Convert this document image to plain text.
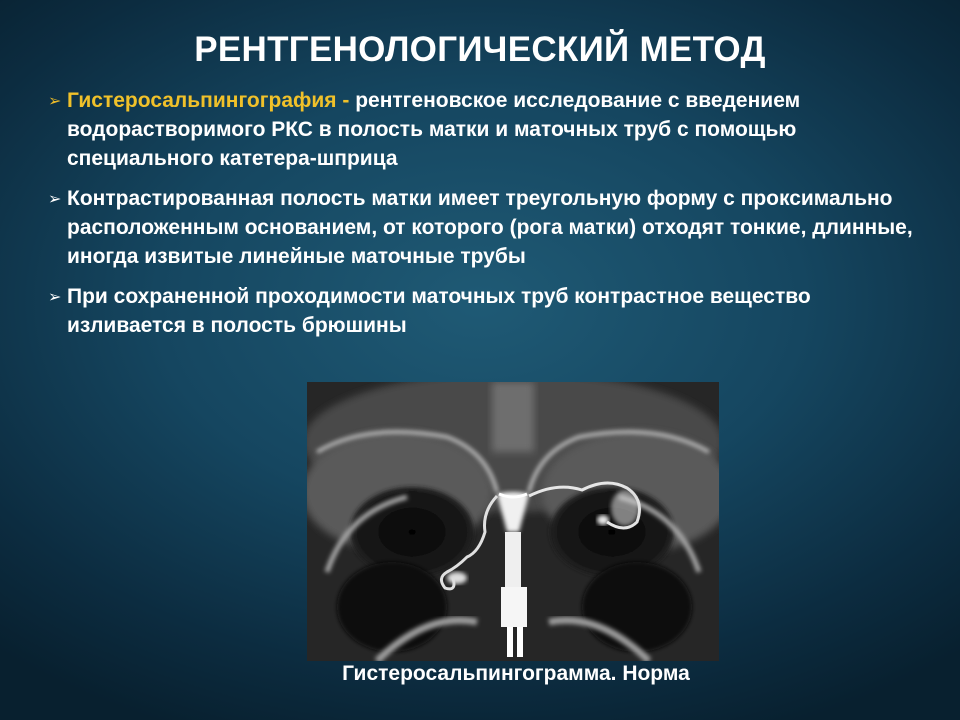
РЕНТГЕНОЛОГИЧЕСКИЙ МЕТОД
➢ Гистеросальпингография - рентгеновское исследование с введением водорастворимого РКС в полость матки и маточных труб с помощью специального катетера-шприца
➢ Контрастированная полость матки имеет треугольную форму с проксимально расположенным основанием, от которого (рога матки) отходят тонкие, длинные, иногда извитые линейные маточные трубы
➢ При сохраненной проходимости маточных труб контрастное вещество изливается в полость брюшины
Гистеросальпингограмма. Норма
